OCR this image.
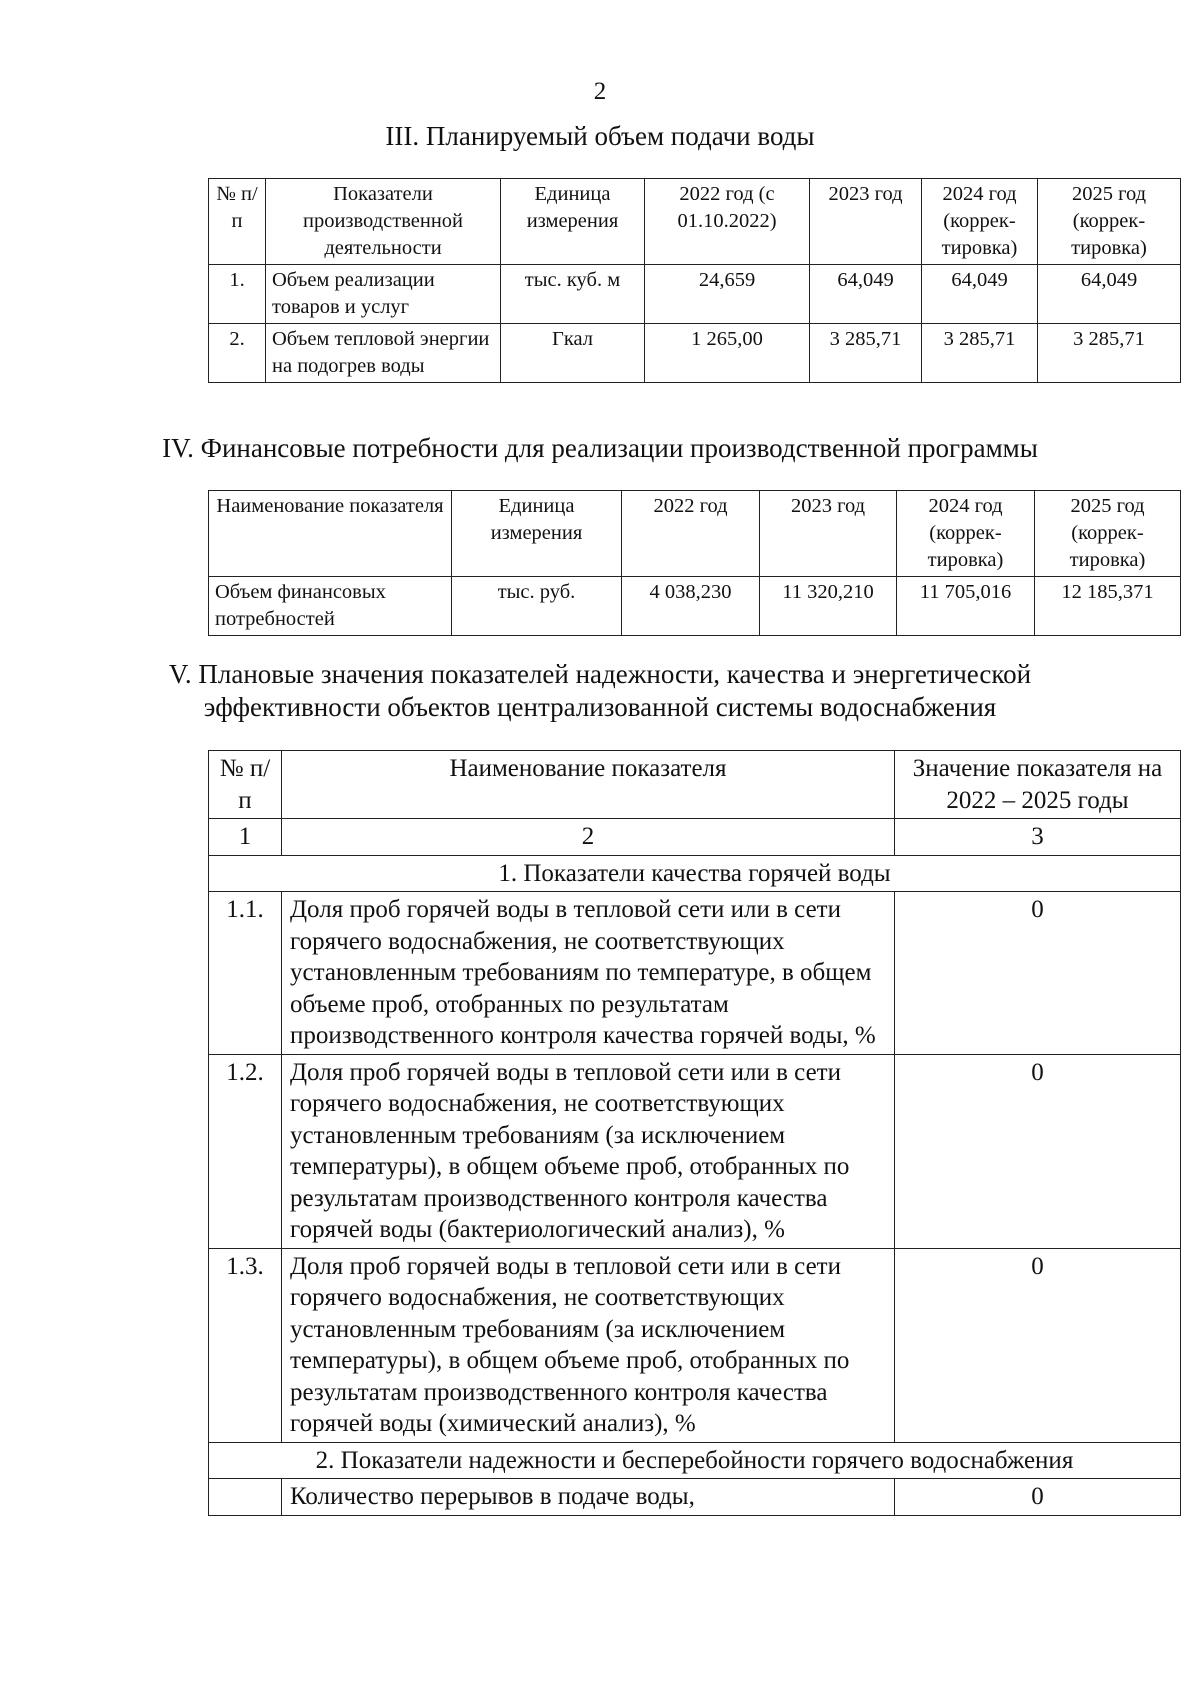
2
III. Планируемый объем подачи воды
№ п/п	Показатели производственной деятельности	Единица измерения	2022 год (с 01.10.2022)	2023 год	2024 год (коррек-тировка)	2025 год (коррек-тировка)
1.	Объем реализации товаров и услуг	тыс. куб. м	24,659	64,049	64,049	64,049
2.	Объем тепловой энергии на подогрев воды	Гкал	1 265,00	3 285,71	3 285,71	3 285,71
IV. Финансовые потребности для реализации производственной программы
Наименование показателя	Единица измерения	2022 год	2023 год	2024 год (коррек-тировка)	2025 год (коррек-тировка)
Объем финансовых потребностей	тыс. руб.	4 038,230	11 320,210	11 705,016	12 185,371
V. Плановые значения показателей надежности, качества и энергетической
эффективности объектов централизованной системы водоснабжения
№ п/п	Наименование показателя	Значение показателя на 2022 – 2025 годы
1	2	3
1. Показатели качества горячей воды		
1.1.	Доля проб горячей воды в тепловой сети или в сети горячего водоснабжения, не соответствующих установленным требованиям по температуре, в общем объеме проб, отобранных по результатам производственного контроля качества горячей воды, %	0
1.2.	Доля проб горячей воды в тепловой сети или в сети горячего водоснабжения, не соответствующих установленным требованиям (за исключением температуры), в общем объеме проб, отобранных по результатам производственного контроля качества горячей воды (бактериологический анализ), %	0
1.3.	Доля проб горячей воды в тепловой сети или в сети горячего водоснабжения, не соответствующих установленным требованиям (за исключением температуры), в общем объеме проб, отобранных по результатам производственного контроля качества горячей воды (химический анализ), %	0
2. Показатели надежности и бесперебойности горячего водоснабжения		
	Количество перерывов в подаче воды,	0
